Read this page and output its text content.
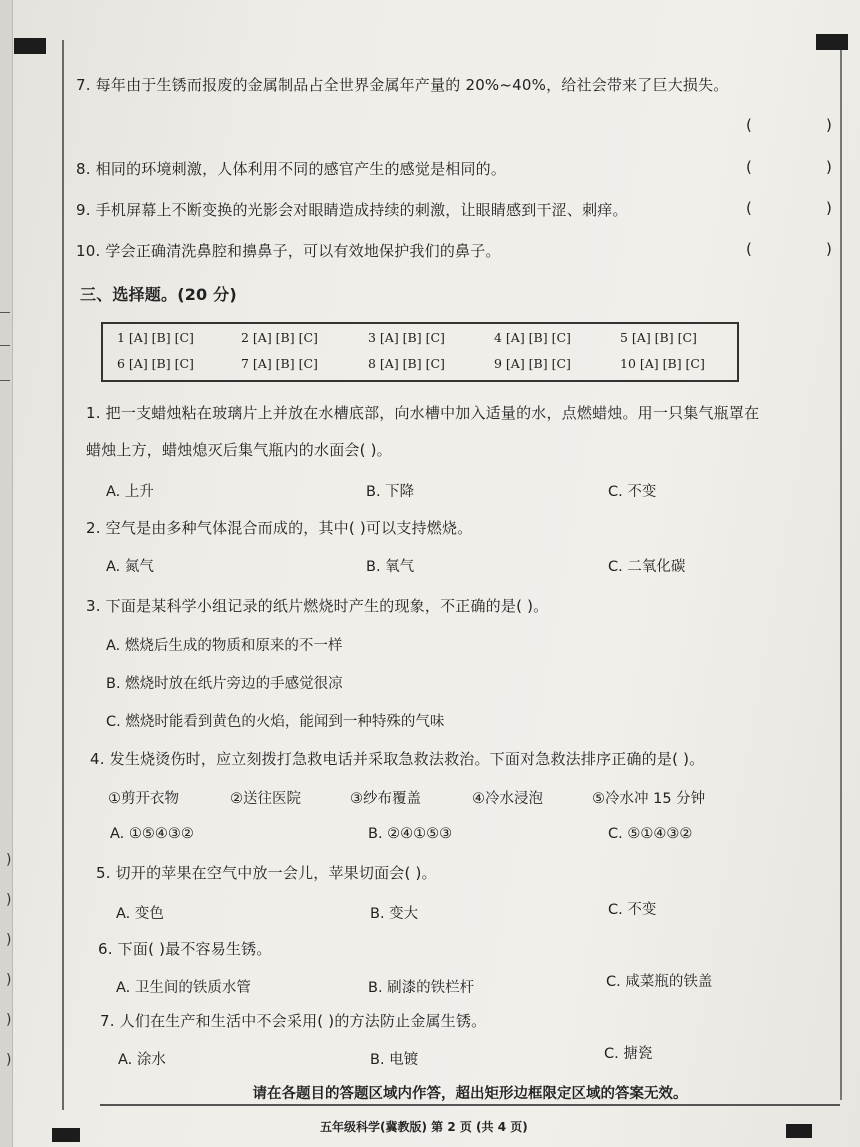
)
)
)
)
)
)
7. 每年由于生锈而报废的金属制品占全世界金属年产量的 20%~40%，给社会带来了巨大损失。
(	)
8. 相同的环境刺激，人体利用不同的感官产生的感觉是相同的。	(	)
9. 手机屏幕上不断变换的光影会对眼睛造成持续的刺激，让眼睛感到干涩、刺痒。	(	)
10. 学会正确清洗鼻腔和擤鼻子，可以有效地保护我们的鼻子。	(	)
三、选择题。(20 分)
1 [A] [B] [C]	2 [A] [B] [C]	3 [A] [B] [C]	4 [A] [B] [C]	5 [A] [B] [C]
6 [A] [B] [C]	7 [A] [B] [C]	8 [A] [B] [C]	9 [A] [B] [C]	10 [A] [B] [C]
1. 把一支蜡烛粘在玻璃片上并放在水槽底部，向水槽中加入适量的水，点燃蜡烛。用一只集气瓶罩在
蜡烛上方，蜡烛熄灭后集气瓶内的水面会( )。
A. 上升	B. 下降	C. 不变
2. 空气是由多种气体混合而成的，其中( )可以支持燃烧。
A. 氮气	B. 氧气	C. 二氧化碳
3. 下面是某科学小组记录的纸片燃烧时产生的现象，不正确的是( )。
A. 燃烧后生成的物质和原来的不一样
B. 燃烧时放在纸片旁边的手感觉很凉
C. 燃烧时能看到黄色的火焰，能闻到一种特殊的气味
4. 发生烧烫伤时，应立刻拨打急救电话并采取急救法救治。下面对急救法排序正确的是( )。
①剪开衣物	②送往医院	③纱布覆盖	④冷水浸泡	⑤冷水冲 15 分钟
A. ①⑤④③②	B. ②④①⑤③	C. ⑤①④③②
5. 切开的苹果在空气中放一会儿，苹果切面会( )。
A. 变色	B. 变大	C. 不变
6. 下面( )最不容易生锈。
A. 卫生间的铁质水管	B. 刷漆的铁栏杆	C. 咸菜瓶的铁盖
7. 人们在生产和生活中不会采用( )的方法防止金属生锈。
A. 涂水	B. 电镀	C. 搪瓷
请在各题目的答题区域内作答，超出矩形边框限定区域的答案无效。
五年级科学(冀教版) 第 2 页 (共 4 页)
